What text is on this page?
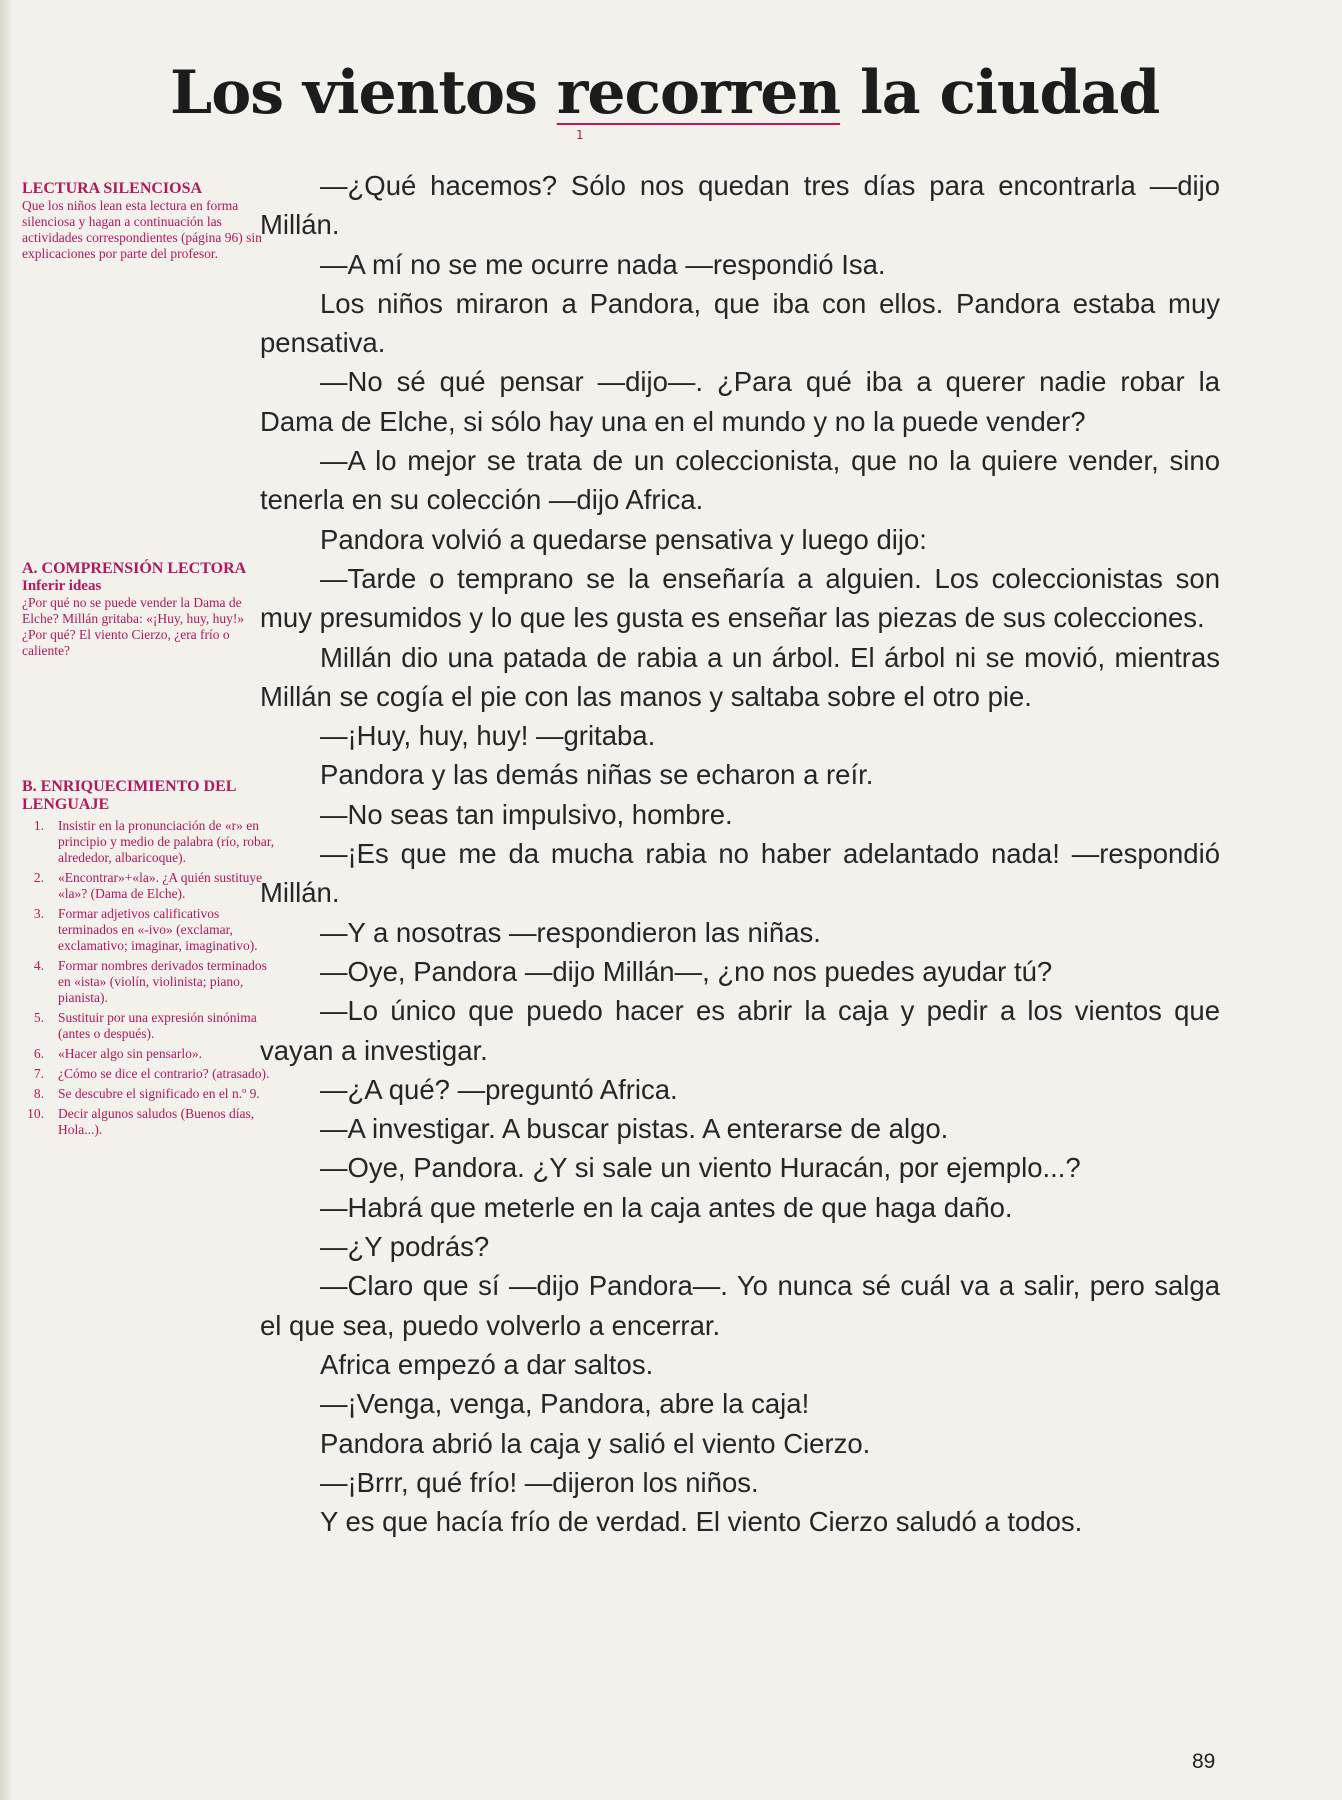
Los vientos recorren la ciudad
1
LECTURA SILENCIOSA
Que los niños lean esta lectura en forma silenciosa y hagan a continuación las actividades correspondientes (página 96) sin explicaciones por parte del profesor.
A. COMPRENSIÓN LECTORA
Inferir ideas
¿Por qué no se puede vender la Dama de Elche? Millán gritaba: «¡Huy, huy, huy!» ¿Por qué? El viento Cierzo, ¿era frío o caliente?
B. ENRIQUECIMIENTO DEL LENGUAJE
1.	Insistir en la pronunciación de «r» en principio y medio de palabra (río, robar, alrededor, albaricoque).
2.	«Encontrar»+«la». ¿A quién sustituye «la»? (Dama de Elche).
3.	Formar adjetivos calificativos terminados en «-ivo» (exclamar, exclamativo; imaginar, imaginativo).
4.	Formar nombres derivados terminados en «ista» (violín, violinista; piano, pianista).
5.	Sustituir por una expresión sinónima (antes o después).
6.	«Hacer algo sin pensarlo».
7.	¿Cómo se dice el contrario? (atrasado).
8.	Se descubre el significado en el n.º 9.
10.	Decir algunos saludos (Buenos días, Hola...).

—¿Qué hacemos? Sólo nos quedan tres días para encontrarla —dijo Millán.

—A mí no se me ocurre nada —respondió Isa.

Los niños miraron a Pandora, que iba con ellos. Pandora estaba muy pensativa.

—No sé qué pensar —dijo—. ¿Para qué iba a querer nadie robar la Dama de Elche, si sólo hay una en el mundo y no la puede vender?

—A lo mejor se trata de un coleccionista, que no la quiere vender, sino tenerla en su colección —dijo Africa.

Pandora volvió a quedarse pensativa y luego dijo:

—Tarde o temprano se la enseñaría a alguien. Los coleccionistas son muy presumidos y lo que les gusta es enseñar las piezas de sus colecciones.

Millán dio una patada de rabia a un árbol. El árbol ni se movió, mientras Millán se cogía el pie con las manos y saltaba sobre el otro pie.

—¡Huy, huy, huy! —gritaba.

Pandora y las demás niñas se echaron a reír.

—No seas tan impulsivo, hombre.

—¡Es que me da mucha rabia no haber adelantado nada! —respondió Millán.

—Y a nosotras —respondieron las niñas.

—Oye, Pandora —dijo Millán—, ¿no nos puedes ayudar tú?

—Lo único que puedo hacer es abrir la caja y pedir a los vientos que vayan a investigar.

—¿A qué? —preguntó Africa.

—A investigar. A buscar pistas. A enterarse de algo.

—Oye, Pandora. ¿Y si sale un viento Huracán, por ejemplo...?

—Habrá que meterle en la caja antes de que haga daño.

—¿Y podrás?

—Claro que sí —dijo Pandora—. Yo nunca sé cuál va a salir, pero salga el que sea, puedo volverlo a encerrar.

Africa empezó a dar saltos.

—¡Venga, venga, Pandora, abre la caja!

Pandora abrió la caja y salió el viento Cierzo.

—¡Brrr, qué frío! —dijeron los niños.

Y es que hacía frío de verdad. El viento Cierzo saludó a todos.

89
